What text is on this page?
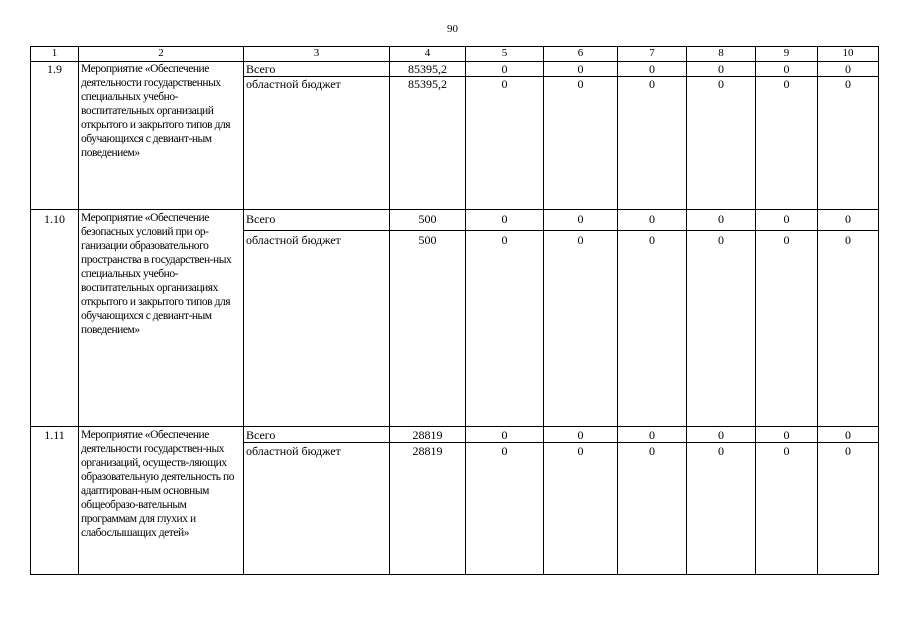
90
1	2	3	4	5	6	7	8	9	10
1.9	Мероприятие «Обеспечение деятельности государственных специальных учебно-воспитательных организаций открытого и закрытого типов для обучающихся с девиант-ным поведением»	Всего	85395,2	0	0	0	0	0	0
		областной бюджет	85395,2	0	0	0	0	0	0
1.10	Мероприятие «Обеспечение безопасных условий при ор-ганизации образовательного пространства в государствен-ных специальных учебно-воспитательных организациях открытого и закрытого типов для обучающихся с девиант-ным поведением»	Всего	500	0	0	0	0	0	0
		областной бюджет	500	0	0	0	0	0	0
1.11	Мероприятие «Обеспечение деятельности государствен-ных организаций, осуществ-ляющих образовательную деятельность по адаптирован-ным основным общеобразо-вательным программам для глухих и слабослышащих детей»	Всего	28819	0	0	0	0	0	0
		областной бюджет	28819	0	0	0	0	0	0
